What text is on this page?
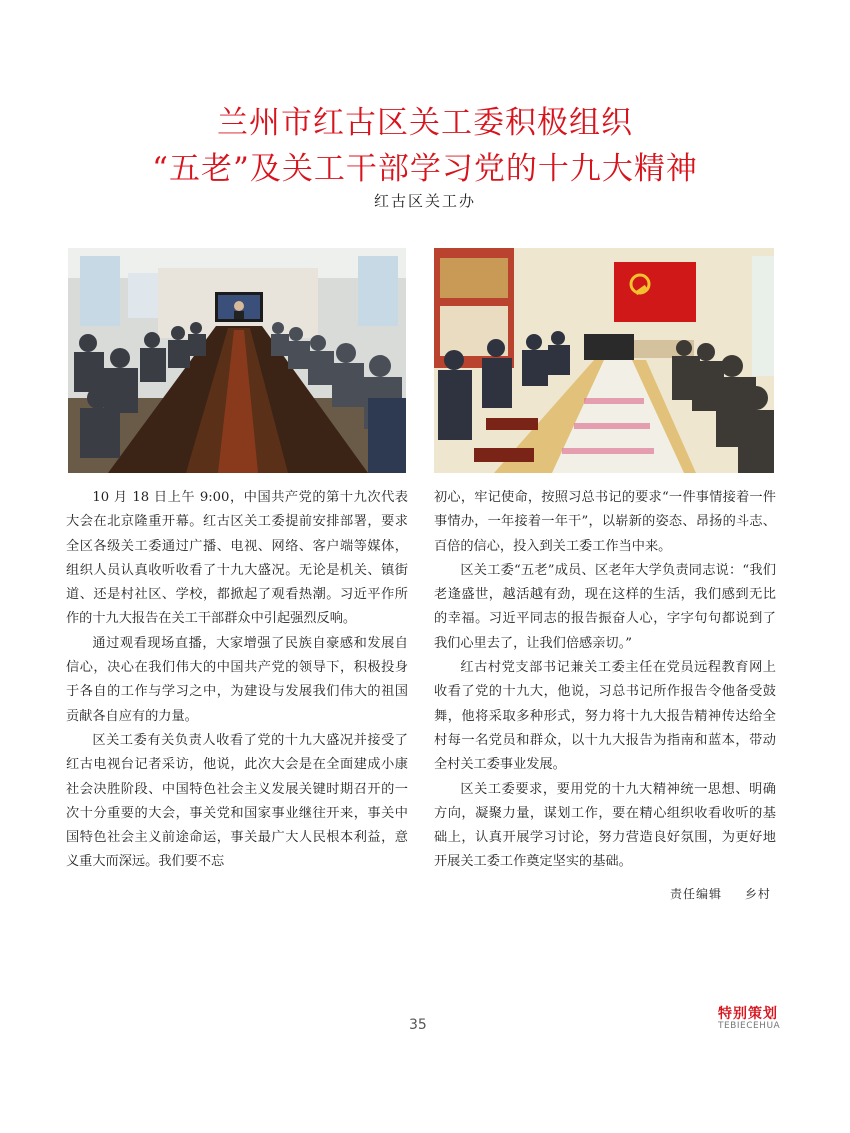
兰州市红古区关工委积极组织
“五老”及关工干部学习党的十九大精神
红古区关工办

10 月 18 日上午 9:00，中国共产党的第十九次代表大会在北京隆重开幕。红古区关工委提前安排部署，要求全区各级关工委通过广播、电视、网络、客户端等媒体，组织人员认真收听收看了十九大盛况。无论是机关、镇街道、还是村社区、学校，都掀起了观看热潮。习近平作所作的十九大报告在关工干部群众中引起强烈反响。

通过观看现场直播，大家增强了民族自豪感和发展自信心，决心在我们伟大的中国共产党的领导下，积极投身于各自的工作与学习之中，为建设与发展我们伟大的祖国贡献各自应有的力量。

区关工委有关负责人收看了党的十九大盛况并接受了红古电视台记者采访，他说，此次大会是在全面建成小康社会决胜阶段、中国特色社会主义发展关键时期召开的一次十分重要的大会，事关党和国家事业继往开来，事关中国特色社会主义前途命运，事关最广大人民根本利益，意义重大而深远。我们要不忘

初心，牢记使命，按照习总书记的要求“一件事情接着一件事情办，一年接着一年干”，以崭新的姿态、昂扬的斗志、百倍的信心，投入到关工委工作当中来。

区关工委“五老”成员、区老年大学负责同志说：“我们老逢盛世，越活越有劲，现在这样的生活，我们感到无比的幸福。习近平同志的报告振奋人心，字字句句都说到了我们心里去了，让我们倍感亲切。”

红古村党支部书记兼关工委主任在党员远程教育网上收看了党的十九大，他说，习总书记所作报告令他备受鼓舞，他将采取多种形式，努力将十九大报告精神传达给全村每一名党员和群众，以十九大报告为指南和蓝本，带动全村关工委事业发展。

区关工委要求，要用党的十九大精神统一思想、明确方向，凝聚力量，谋划工作，要在精心组织收看收听的基础上，认真开展学习讨论，努力营造良好氛围，为更好地开展关工委工作奠定坚实的基础。

责任编辑 乡村
35
特别策划
TEBIECEHUA
